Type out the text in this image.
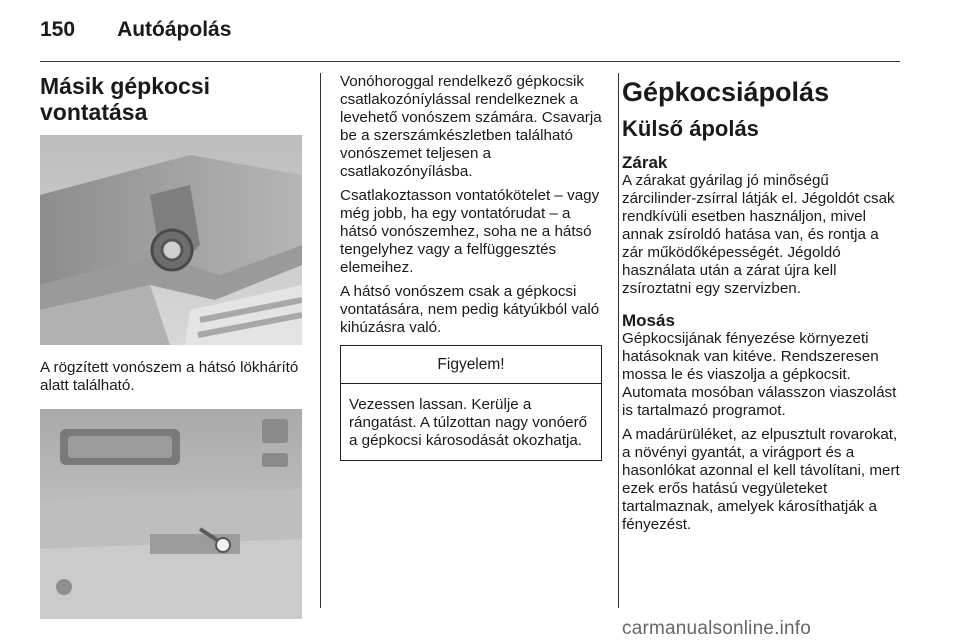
150 Autóápolás
Másik gépkocsi vontatása

A rögzített vonószem a hátsó lökhárító alatt található.

Vonóhoroggal rendelkező gépkocsik csatlakozóníylással rendelkeznek a levehető vonószem számára. Csavarja be a szerszámkészletben található vonószemet teljesen a csatlakozónyílásba.

Csatlakoztasson vontatókötelet – vagy még jobb, ha egy vontatórudat – a hátsó vonószemhez, soha ne a hátsó tengelyhez vagy a felfüggesztés elemeihez.

A hátsó vonószem csak a gépkocsi vontatására, nem pedig kátyúkból való kihúzásra való.

Figyelem!
Vezessen lassan. Kerülje a rángatást. A túlzottan nagy vonóerő a gépkocsi károsodását okozhatja.
Gépkocsiápolás
Külső ápolás
Zárak

A zárakat gyárilag jó minőségű zárcilinder-zsírral látják el. Jégoldót csak rendkívüli esetben használjon, mivel annak zsíroldó hatása van, és rontja a zár működőképességét. Jégoldó használata után a zárat újra kell zsíroztatni egy szervizben.

Mosás

Gépkocsijának fényezése környezeti hatásoknak van kitéve. Rendszeresen mossa le és viaszolja a gépkocsit. Automata mosóban válasszon viaszolást is tartalmazó programot.

A madárürüléket, az elpusztult rovarokat, a növényi gyantát, a virágport és a hasonlókat azonnal el kell távolítani, mert ezek erős hatású vegyületeket tartalmaznak, amelyek károsíthatják a fényezést.

carmanualsonline.info
